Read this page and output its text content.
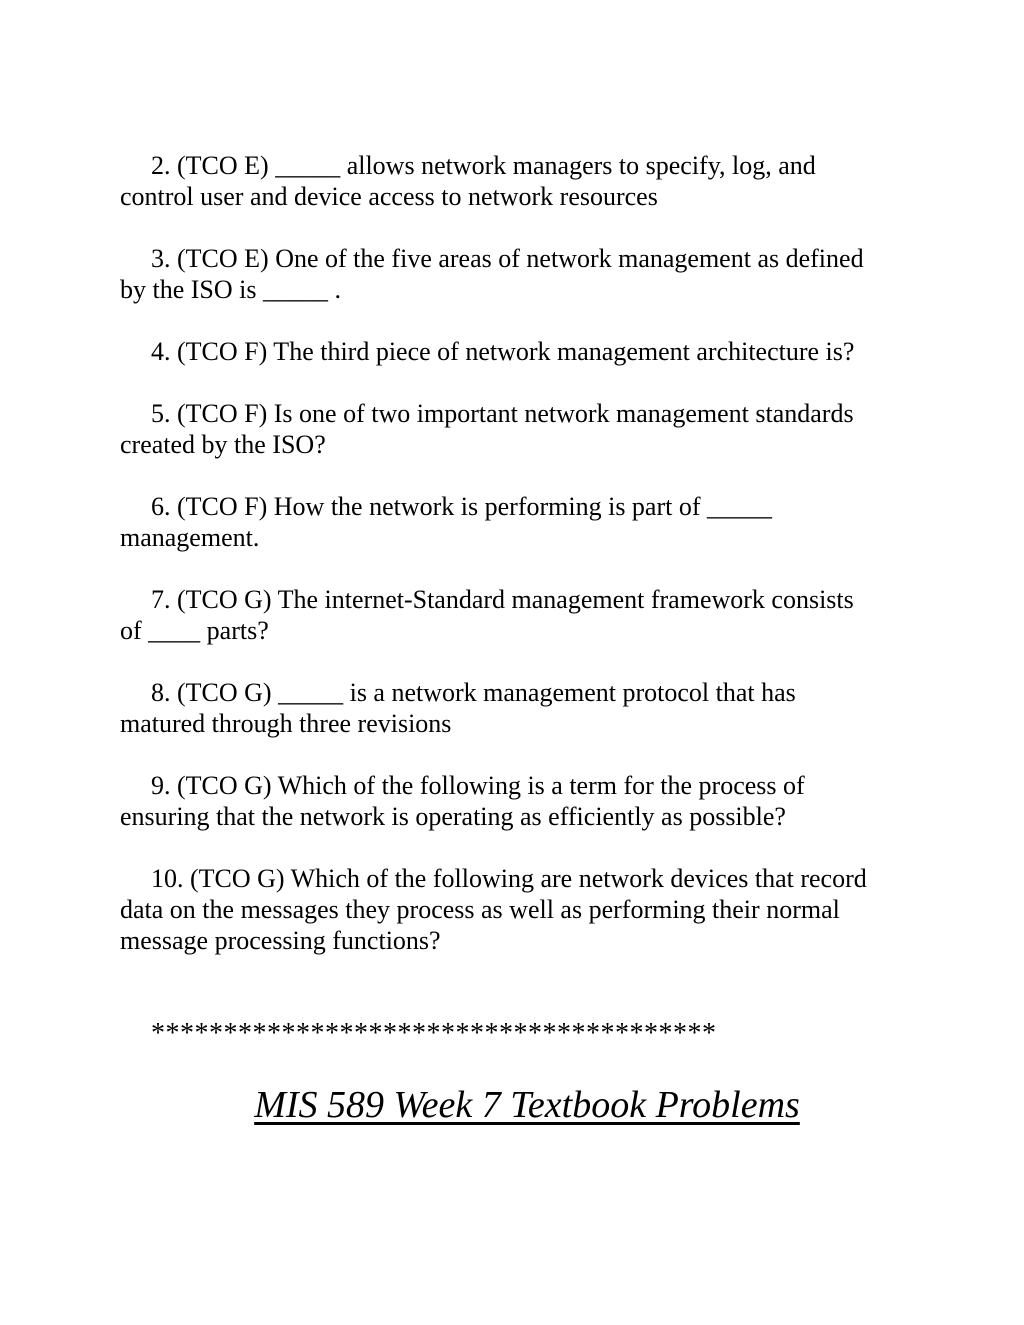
2. (TCO E) _____ allows network managers to specify, log, and
control user and device access to network resources

3. (TCO E) One of the five areas of network management as defined
by the ISO is _____ .

4. (TCO F) The third piece of network management architecture is?

5. (TCO F) Is one of two important network management standards
created by the ISO?

6. (TCO F) How the network is performing is part of _____
management.

7. (TCO G) The internet-Standard management framework consists
of ____ parts?

8. (TCO G) _____ is a network management protocol that has
matured through three revisions

9. (TCO G) Which of the following is a term for the process of
ensuring that the network is operating as efficiently as possible?

10. (TCO G) Which of the following are network devices that record
data on the messages they process as well as performing their normal
message processing functions?

***************************************

MIS 589 Week 7 Textbook Problems
